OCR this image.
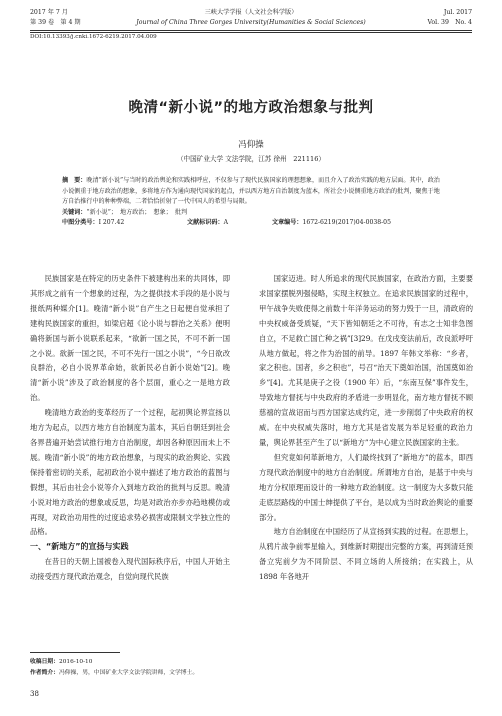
2017 年 7 月	三峡大学学报（人文社会科学版）	Jul. 2017
第 39 卷　第 4 期	Journal of China Three Gorges University(Humanities & Social Sciences)	Vol. 39　No. 4
DOI:10.13393/j.cnki.1672-6219.2017.04.009
晚清“新小说”的地方政治想象与批判
冯仰操
（中国矿业大学 文法学院，江苏 徐州　221116）

摘　要：晚清“新小说”与当时的政治舆论和实践相呼应，不仅参与了现代民族国家的理想想象，而且介入了政治实践的地方层面。其中，政治小说侧重于地方政治的想象，多将地方作为通向现代国家的起点，并以西方地方自治制度为蓝本，所社会小说侧重地方政治的批判，聚焦于地方自治推行中的种种弊端，二者恰恰折射了一代中国人的希望与局限。

关键词：“新小说”；　地方政治；　想象；　批判

中图分类号：I 207.42	文献标识码：A	文章编号：1672-6219(2017)04-0038-05

民族国家是在特定的历史条件下被建构出来的共同体，即其形成之前有一个想象的过程，为之提供技术手段的是小说与报纸两种媒介[1]。晚清“新小说”自产生之日起便自觉承担了建构民族国家的重担，如梁启超《论小说与群治之关系》便明确将新国与新小说联系起来，“欲新一国之民，不可不新一国之小说。欲新一国之民，不可不先行一国之小说”，“今日欲改良群治，必自小说界革命始，欲新民必自新小说始”[2]。晚清“新小说”涉及了政治制度的各个层面，重心之一是地方政治。

晚清地方政治的变革经历了一个过程，起初舆论界宣扬以地方为起点，以西方地方自治制度为蓝本，其后自朝廷到社会各界普遍开始尝试推行地方自治制度，却因各种原因而未上不展。晚清“新小说”的地方政治想象，与现实的政治舆论、实践保持着密切的关系，起初政治小说中描述了地方政治的蓝图与假想，其后由社会小说等介入到地方政治的批判与反思。晚清小说对地方政治的想象或反思，均是对政治亦步亦趋地模仿或再现，对政治功用性的过度追求势必损害或限制文学独立性的品格。

一、“新地方”的宣扬与实践

在昔日的天朝上国被卷入现代国际秩序后，中国人开始主动接受西方现代政治观念，自觉向现代民族

国家迈进。时人所追求的现代民族国家，在政治方面，主要要求国家摆脱列强侵略，实现主权独立。在追求民族国家的过程中，甲午战争失败使得之前数十年洋务运动的努力毁于一旦，清政府的中央权威备受质疑，“天下皆知朝廷之不可待，有志之士知非急图自立，不足救亡国亡种之祸”[3]29。在戊戌变法前后，改良派呼吁从地方做起，将之作为治国的前导。1897 年韩文举称：“乡者，家之积也。国者，乡之积也”，号召“治天下奠如治国，治国奠如治乡”[4]。尤其是庚子之役（1900 年）后，“东南互保”事件发生，导致地方督抚与中央政府的矛盾进一步明显化，南方地方督抚不顾慈禧的宣战诏而与西方国家达成约定，进一步削弱了中央政府的权威。在中央权威失落时，地方尤其是省发展为举足轻重的政治力量，舆论界甚至产生了以“新地方”为中心建立民族国家的主张。

但究竟如何革新地方，人们最终找到了“新地方”的蓝本，即西方现代政治制度中的地方自治制度。所谓地方自治，是基于中央与地方分权原理而设计的一种地方政治制度。这一制度为大多数只能走底层路线的中国士绅提供了平台，是以成为当时政治舆论的重要部分。

地方自治制度在中国经历了从宣扬到实践的过程。在思想上，从鸦片战争前零星输入，到维新时期提出完整的方案，再到清廷预备立宪前夕为不同阶层、不同立场的人所接纳；在实践上，从 1898 年各地开

收稿日期：2016-10-10
作者简介：冯仰操，男，中国矿业大学文法学院讲师，文学博士。
38
